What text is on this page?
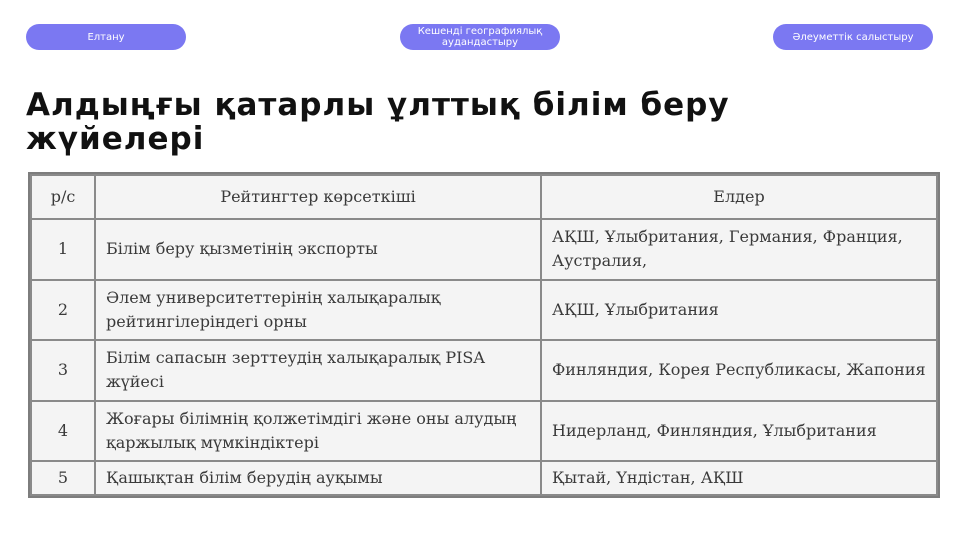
Елтану	Кешенді географиялық аудандастыру	Әлеуметтік салыстыру
Алдыңғы қатарлы ұлттық білім беру жүйелері
р/с	Рейтингтер көрсеткіші	Елдер
1	Білім беру қызметінің экспорты	АҚШ, Ұлыбритания, Германия, Франция, Аустралия,
2	Әлем университеттерінің халықаралық рейтингілеріндегі орны	АҚШ, Ұлыбритания
3	Білім сапасын зерттеудің халықаралық PISA жүйесі	Финляндия, Корея Республикасы, Жапония
4	Жоғары білімнің қолжетімдігі және оны алудың қаржылық мүмкіндіктері	Нидерланд, Финляндия, Ұлыбритания
5	Қашықтан білім берудің ауқымы	Қытай, Үндістан, АҚШ
